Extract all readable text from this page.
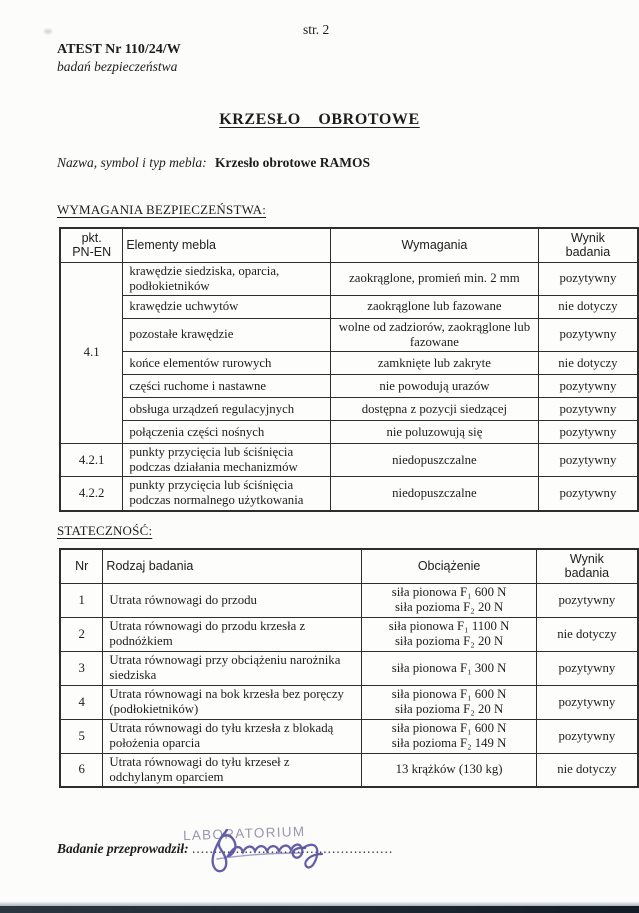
str. 2
ATEST Nr 110/24/W
badań bezpieczeństwa
KRZESŁO OBROTOWE
Nazwa, symbol i typ mebla: Krzesło obrotowe RAMOS
WYMAGANIA BEZPIECZEŃSTWA:
pkt.
PN-EN
	Elementy mebla	Wymagania	
Wynik
badania

4.1	krawędzie siedziska, oparcia, podłokietników	zaokrąglone, promień min. 2 mm	pozytywny
	krawędzie uchwytów	zaokrąglone lub fazowane	nie dotyczy
	pozostałe krawędzie	wolne od zadziorów, zaokrąglone lub fazowane	pozytywny
	końce elementów rurowych	zamknięte lub zakryte	nie dotyczy
	części ruchome i nastawne	nie powodują urazów	pozytywny
	obsługa urządzeń regulacyjnych	dostępna z pozycji siedzącej	pozytywny
	połączenia części nośnych	nie poluzowują się	pozytywny
4.2.1	punkty przycięcia lub ściśnięcia podczas działania mechanizmów	niedopuszczalne	pozytywny
4.2.2	punkty przycięcia lub ściśnięcia podczas normalnego użytkowania	niedopuszczalne	pozytywny
STATECZNOŚĆ:
Nr	Rodzaj badania	Obciążenie	Wynik
badania

1	Utrata równowagi do przodu	siła pionowa F₁ 600 N
siła pozioma F₂ 20 N	pozytywny
2	Utrata równowagi do przodu krzesła z podnóżkiem	siła pionowa F₁ 1100 N
siła pozioma F₂ 20 N	nie dotyczy
3	Utrata równowagi przy obciążeniu narożnika siedziska	siła pionowa F₁ 300 N	pozytywny
4	Utrata równowagi na bok krzesła bez poręczy (podłokietników)	siła pionowa F₁ 600 N
siła pozioma F₂ 20 N	pozytywny
5	Utrata równowagi do tyłu krzesła z blokadą położenia oparcia	siła pionowa F₁ 600 N
siła pozioma F₂ 149 N	pozytywny
6	Utrata równowagi do tyłu krzeseł z odchylanym oparciem	13 krążków (130 kg)	nie dotyczy
Badanie przeprowadził: ..............................................
LABORATORIUM
